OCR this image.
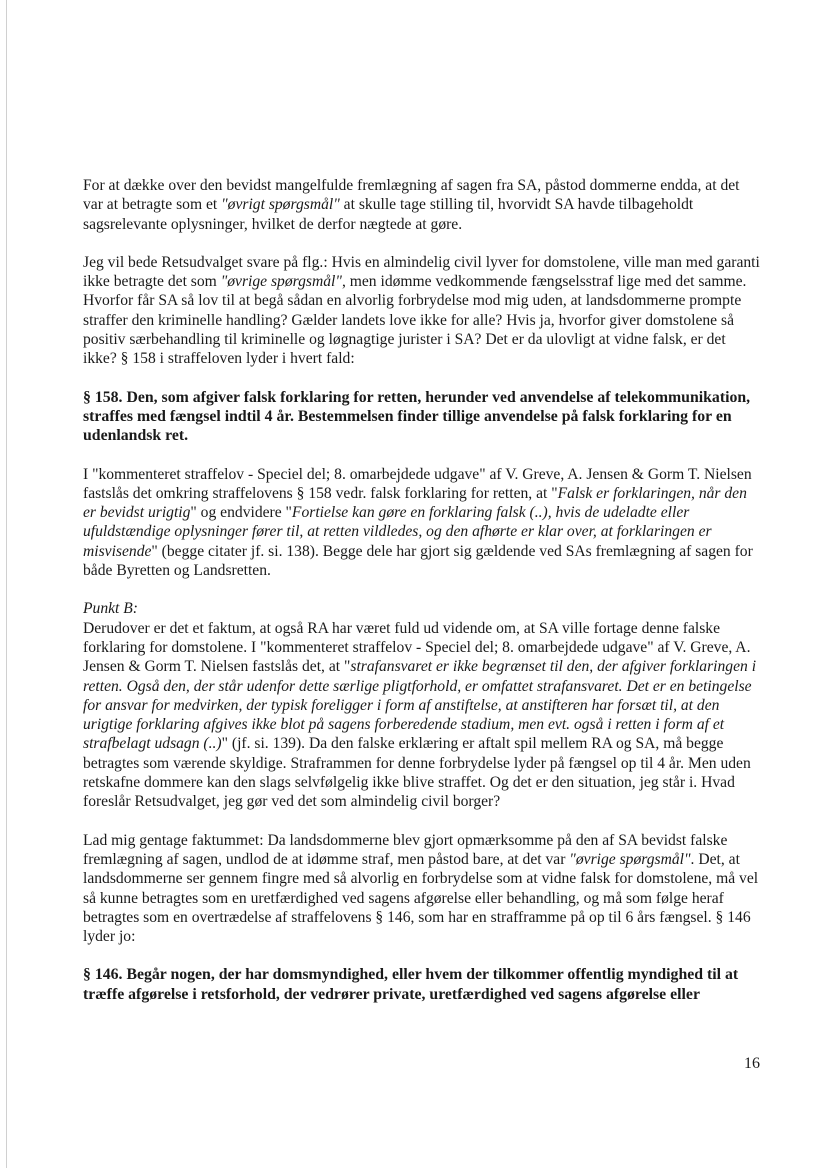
For at dække over den bevidst mangelfulde fremlægning af sagen fra SA, påstod dommerne endda, at det var at betragte som et "øvrigt spørgsmål" at skulle tage stilling til, hvorvidt SA havde tilbageholdt sagsrelevante oplysninger, hvilket de derfor nægtede at gøre.

Jeg vil bede Retsudvalget svare på flg.: Hvis en almindelig civil lyver for domstolene, ville man med garanti ikke betragte det som "øvrige spørgsmål", men idømme vedkommende fængselsstraf lige med det samme. Hvorfor får SA så lov til at begå sådan en alvorlig forbrydelse mod mig uden, at landsdommerne prompte straffer den kriminelle handling? Gælder landets love ikke for alle? Hvis ja, hvorfor giver domstolene så positiv særbehandling til kriminelle og løgnagtige jurister i SA? Det er da ulovligt at vidne falsk, er det ikke? § 158 i straffeloven lyder i hvert fald:

§ 158. Den, som afgiver falsk forklaring for retten, herunder ved anvendelse af telekommunikation, straffes med fængsel indtil 4 år. Bestemmelsen finder tillige anvendelse på falsk forklaring for en udenlandsk ret.

I "kommenteret straffelov - Speciel del; 8. omarbejdede udgave" af V. Greve, A. Jensen & Gorm T. Nielsen fastslås det omkring straffelovens § 158 vedr. falsk forklaring for retten, at "Falsk er forklaringen, når den er bevidst urigtig" og endvidere "Fortielse kan gøre en forklaring falsk (..), hvis de udeladte eller ufuldstændige oplysninger fører til, at retten vildledes, og den afhørte er klar over, at forklaringen er misvisende" (begge citater jf. si. 138). Begge dele har gjort sig gældende ved SAs fremlægning af sagen for både Byretten og Landsretten.

Punkt B:
Derudover er det et faktum, at også RA har været fuld ud vidende om, at SA ville fortage denne falske forklaring for domstolene. I "kommenteret straffelov - Speciel del; 8. omarbejdede udgave" af V. Greve, A. Jensen & Gorm T. Nielsen fastslås det, at "strafansvaret er ikke begrænset til den, der afgiver forklaringen i retten. Også den, der står udenfor dette særlige pligtforhold, er omfattet strafansvaret. Det er en betingelse for ansvar for medvirken, der typisk foreligger i form af anstiftelse, at anstifteren har forsæt til, at den urigtige forklaring afgives ikke blot på sagens forberedende stadium, men evt. også i retten i form af et strafbelagt udsagn (..)" (jf. si. 139). Da den falske erklæring er aftalt spil mellem RA og SA, må begge betragtes som værende skyldige. Straframmen for denne forbrydelse lyder på fængsel op til 4 år. Men uden retskafne dommere kan den slags selvfølgelig ikke blive straffet. Og det er den situation, jeg står i. Hvad foreslår Retsudvalget, jeg gør ved det som almindelig civil borger?

Lad mig gentage faktummet: Da landsdommerne blev gjort opmærksomme på den af SA bevidst falske fremlægning af sagen, undlod de at idømme straf, men påstod bare, at det var "øvrige spørgsmål". Det, at landsdommerne ser gennem fingre med så alvorlig en forbrydelse som at vidne falsk for domstolene, må vel så kunne betragtes som en uretfærdighed ved sagens afgørelse eller behandling, og må som følge heraf betragtes som en overtrædelse af straffelovens § 146, som har en strafframme på op til 6 års fængsel. § 146 lyder jo:

§ 146. Begår nogen, der har domsmyndighed, eller hvem der tilkommer offentlig myndighed til at træffe afgørelse i retsforhold, der vedrører private, uretfærdighed ved sagens afgørelse eller

16
